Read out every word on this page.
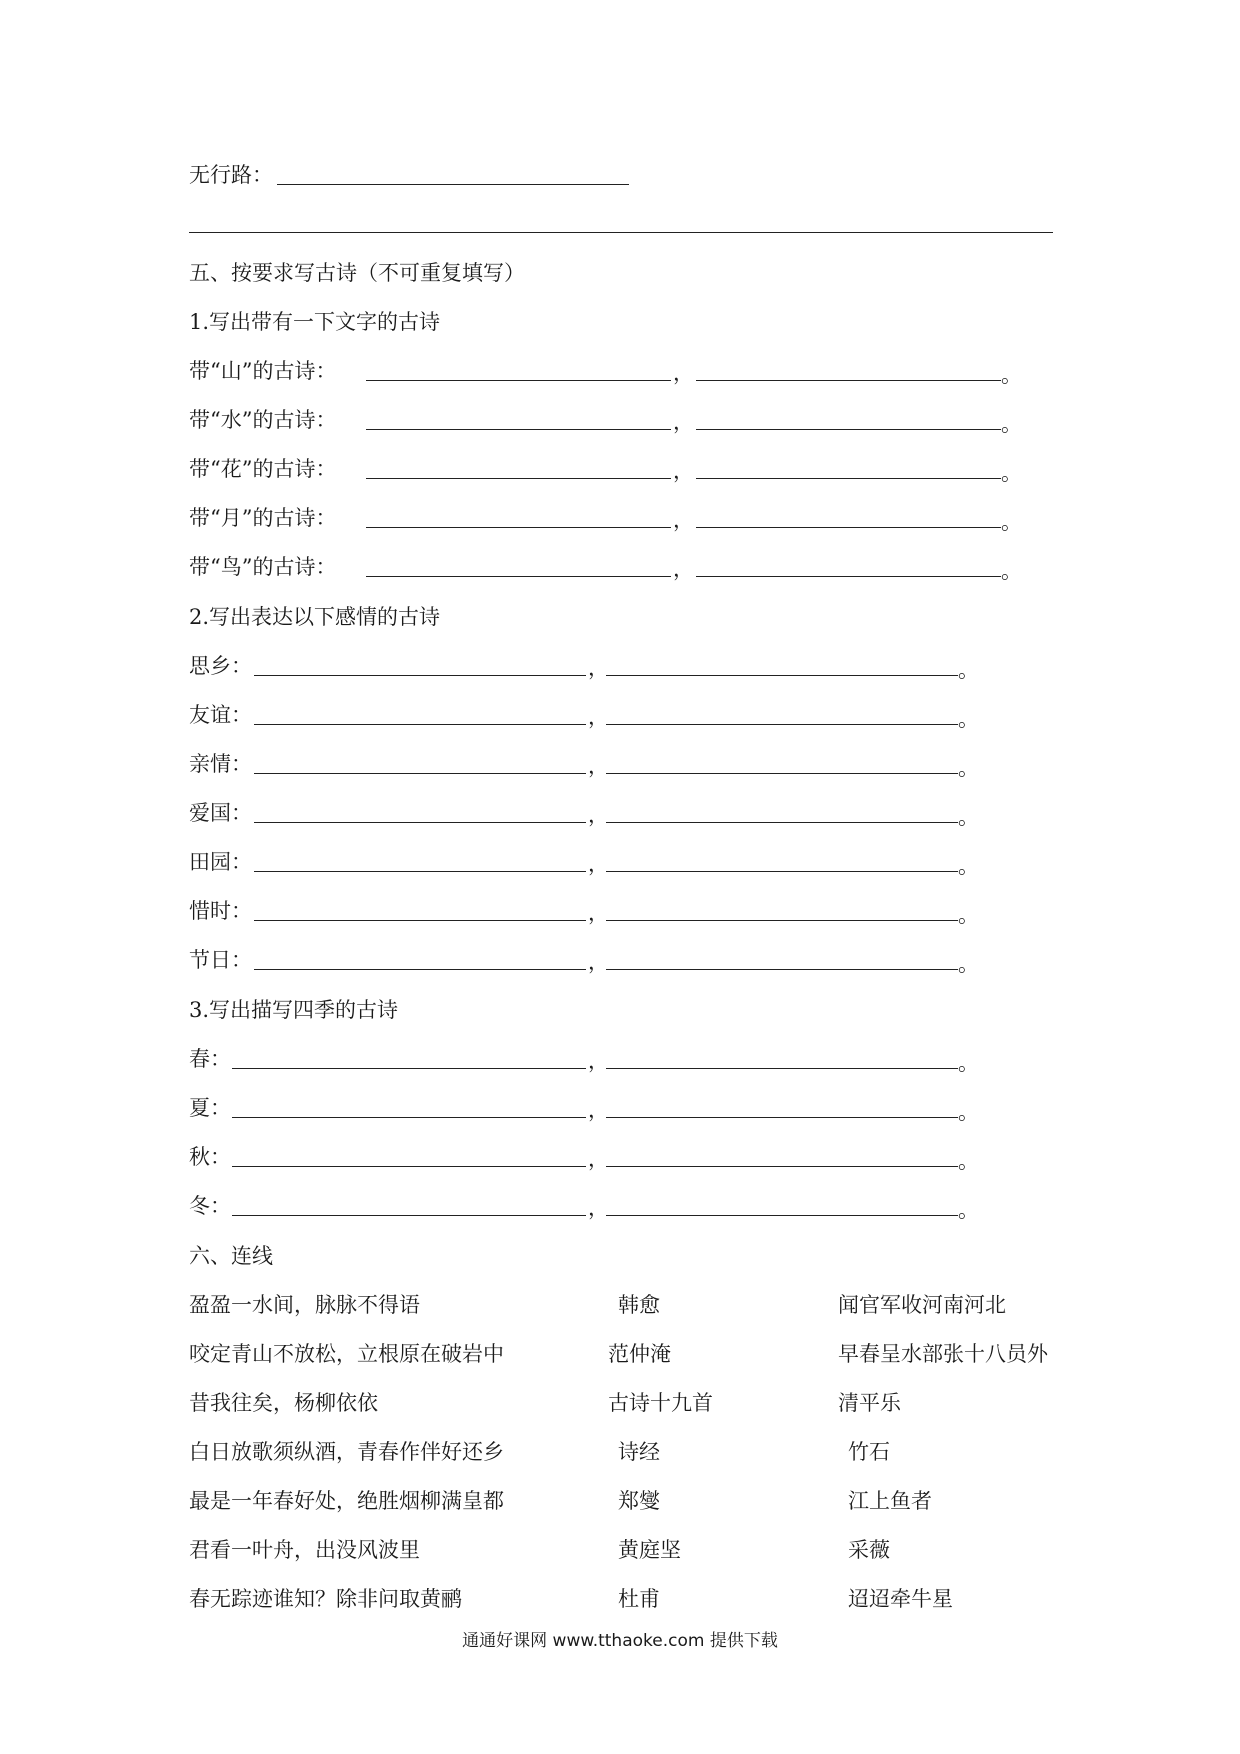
无行路：
五、按要求写古诗（不可重复填写）
1.写出带有一下文字的古诗
带“山”的古诗：	，	。
带“水”的古诗：	，	。
带“花”的古诗：	，	。
带“月”的古诗：	，	。
带“鸟”的古诗：	，	。
2.写出表达以下感情的古诗
思乡：	，	。
友谊：	，	。
亲情：	，	。
爱国：	，	。
田园：	，	。
惜时：	，	。
节日：	，	。
3.写出描写四季的古诗
春：	，	。
夏：	，	。
秋：	，	。
冬：	，	。
六、连线
盈盈一水间，脉脉不得语	韩愈	闻官军收河南河北
咬定青山不放松，立根原在破岩中	范仲淹	早春呈水部张十八员外
昔我往矣，杨柳依依	古诗十九首	清平乐
白日放歌须纵酒，青春作伴好还乡	诗经	竹石
最是一年春好处，绝胜烟柳满皇都	郑燮	江上鱼者
君看一叶舟，出没风波里	黄庭坚	采薇
春无踪迹谁知？除非问取黄鹂	杜甫	迢迢牵牛星
通通好课网 www.tthaoke.com 提供下载
